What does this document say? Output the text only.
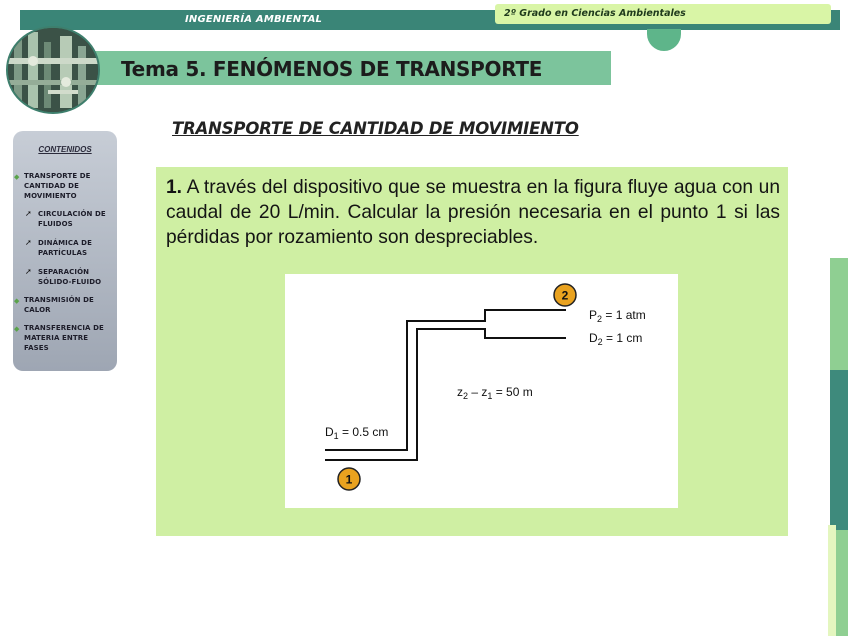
INGENIERÍA AMBIENTAL
2º Grado en Ciencias Ambientales
Tema 5. FENÓMENOS DE TRANSPORTE
TRANSPORTE DE CANTIDAD DE MOVIMIENTO
CONTENIDOS
◆ TRANSPORTE DE
CANTIDAD DE
MOVIMIENTO
➚ CIRCULACIÓN DE
FLUIDOS
➚ DINÁMICA DE
PARTÍCULAS
➚ SEPARACIÓN
SÓLIDO-FLUIDO
◆ TRANSMISIÓN DE
CALOR
◆ TRANSFERENCIA DE
MATERIA ENTRE
FASES
1. A través del dispositivo que se muestra en la figura fluye agua con un caudal de 20 L/min. Calcular la presión necesaria en el punto 1 si las pérdidas por rozamiento son despreciables.
2
1
$P_2 = 1$ atm
$D_2 = 1$ cm
$z_2 - z_1 = 50$ m
$D_1 = 0.5$ cm
